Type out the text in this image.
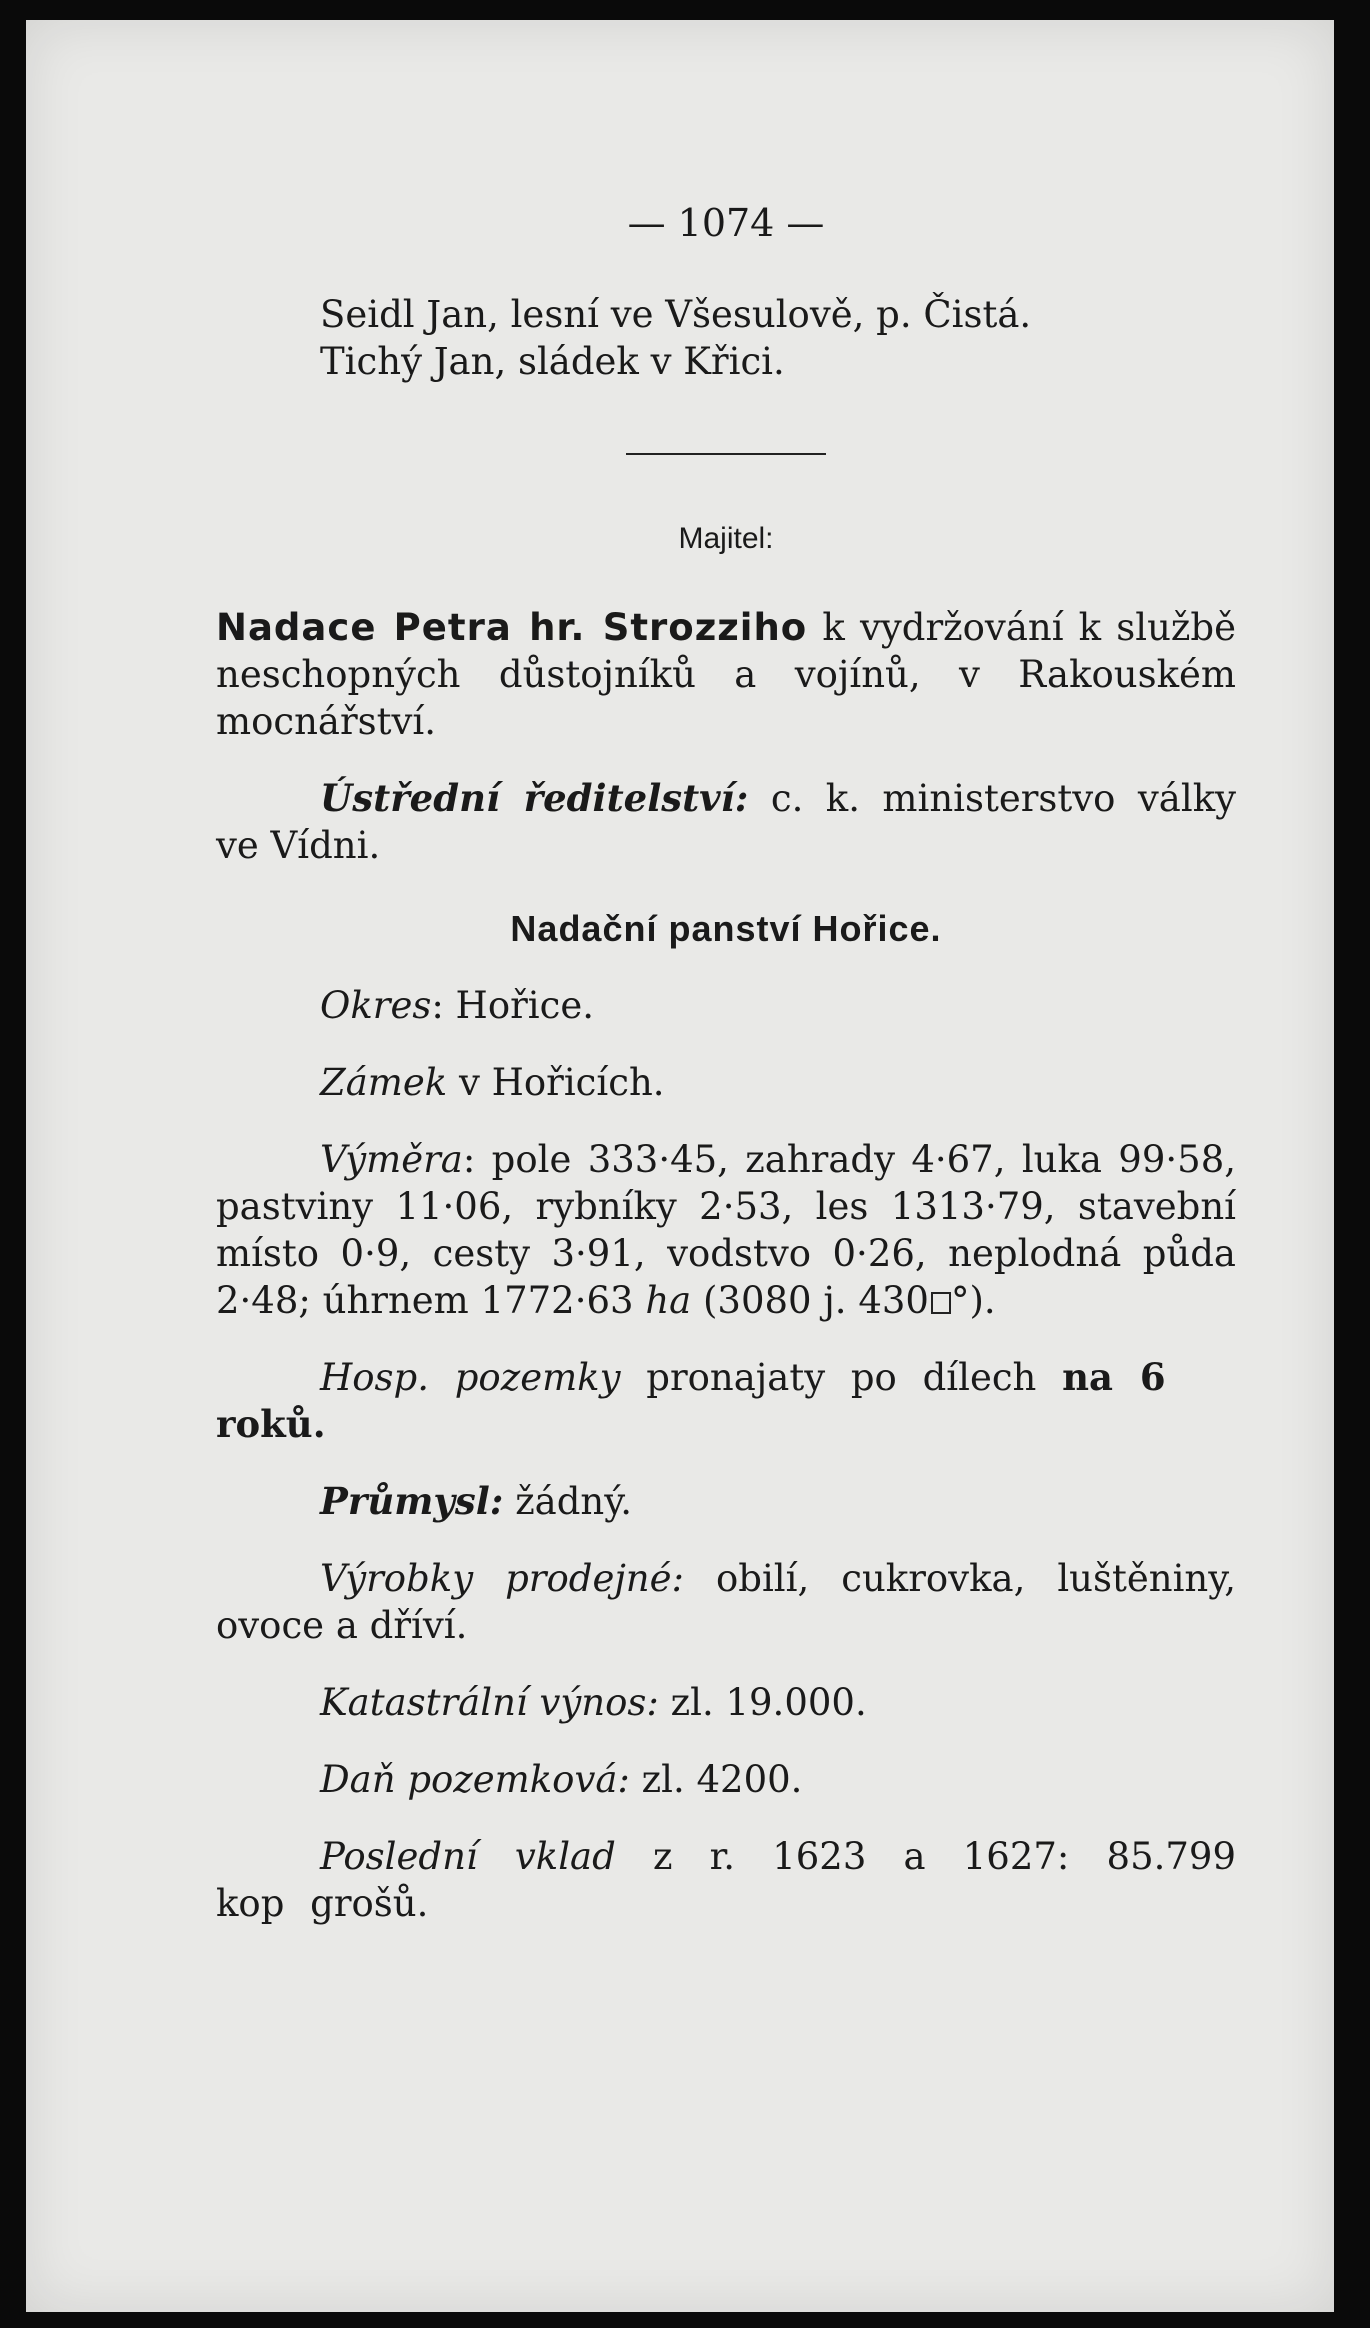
— 1074 —

Seidl Jan, lesní ve Všesulově, p. Čistá.

Tichý Jan, sládek v Křici.

Majitel:

Nadace Petra hr. Strozziho k vydržování k službě neschopných důstojníků a vojínů, v Rakouském mocnářství.

Ústřední ředitelství: c. k. ministerstvo války ve Vídni.

Nadační panství Hořice.

Okres: Hořice.

Zámek v Hořicích.

Výměra: pole 333·45, zahrady 4·67, luka 99·58, pastviny 11·06, rybníky 2·53, les 1313·79, stavební místo 0·9, cesty 3·91, vodstvo 0·26, neplodná půda 2·48; úhrnem 1772·63 ha (3080 j. 430 °).

Hosp. pozemky pronajaty po dílech na 6 roků.

Průmysl: žádný.

Výrobky prodejné: obilí, cukrovka, luštěniny, ovoce a dříví.

Katastrální výnos: zl. 19.000.

Daň pozemková: zl. 4200.

Poslední vklad z r. 1623 a 1627: 85.799 kop grošů.
